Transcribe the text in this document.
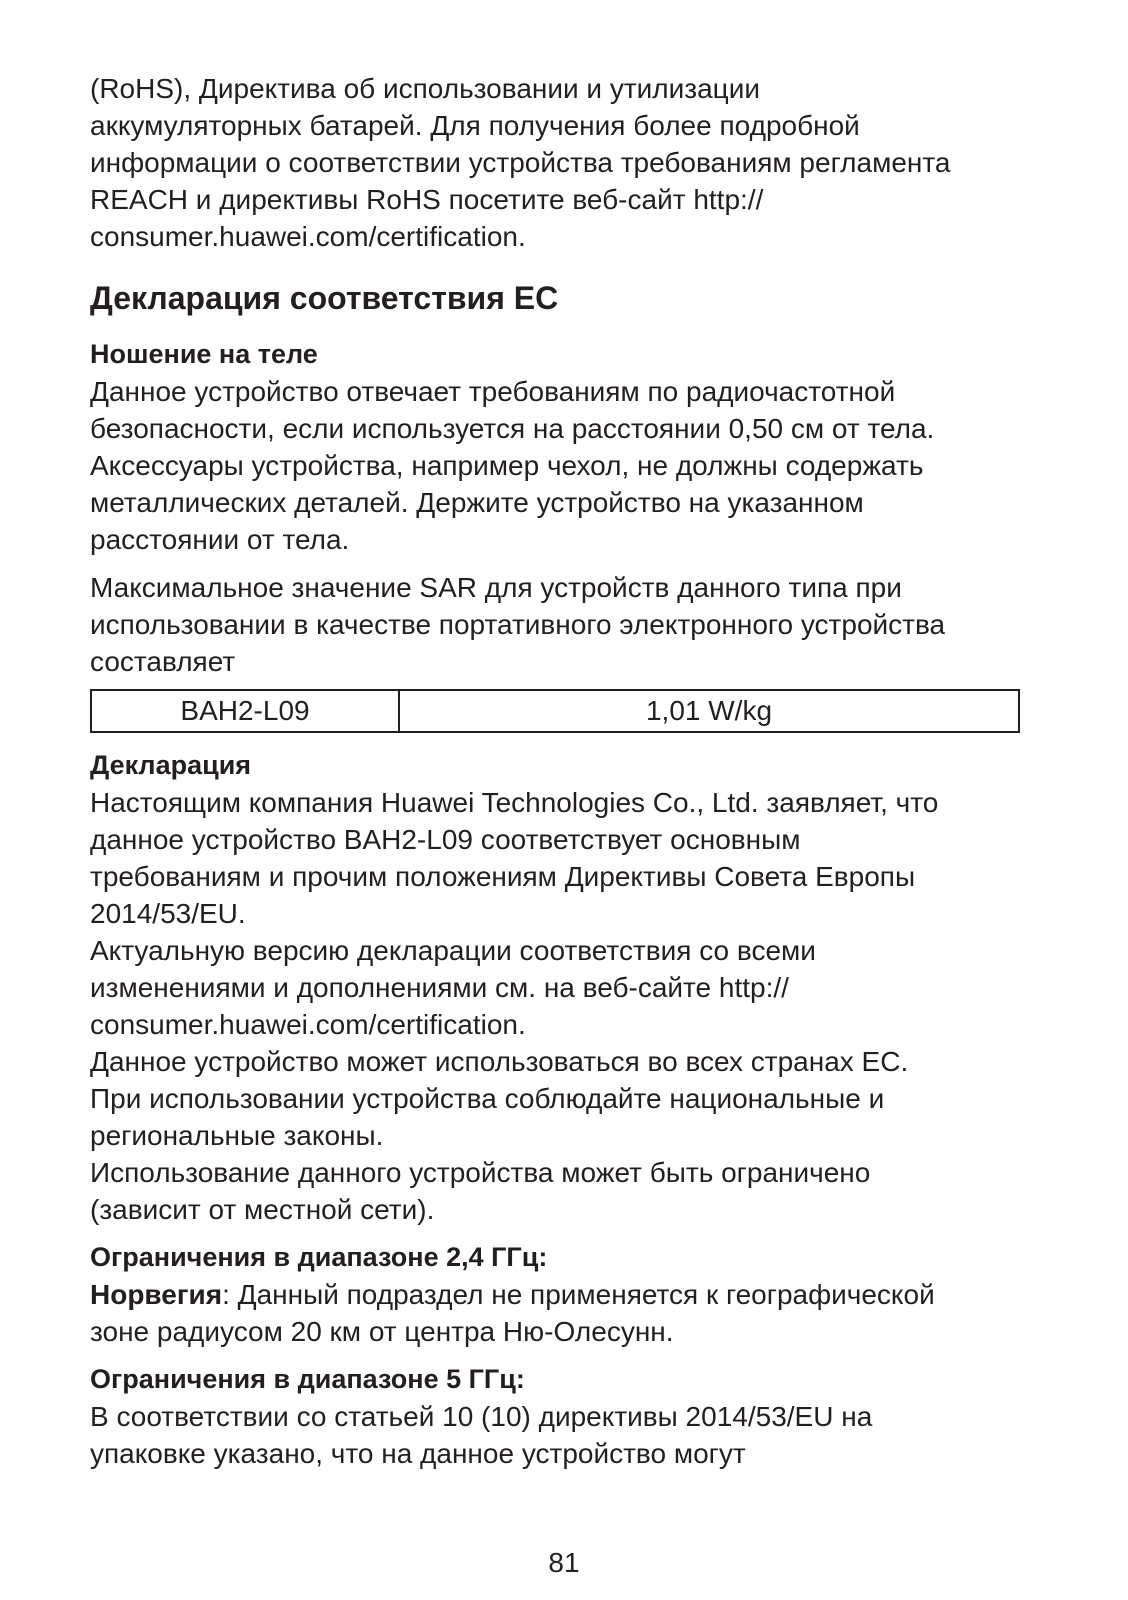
(RoHS), Директива об использовании и утилизации

аккумуляторных батарей. Для получения более подробной

информации о соответствии устройства требованиям регламента

REACH и директивы RoHS посетите веб-сайт http://

consumer.huawei.com/certification.

Декларация соответствия ЕС

Ношение на теле

Данное устройство отвечает требованиям по радиочастотной

безопасности, если используется на расстоянии 0,50 см от тела.

Аксессуары устройства, например чехол, не должны содержать

металлических деталей. Держите устройство на указанном

расстоянии от тела.

Максимальное значение SAR для устройств данного типа при

использовании в качестве портативного электронного устройства

составляет

BAH2-L09	1,01 W/kg

Декларация

Настоящим компания Huawei Technologies Co., Ltd. заявляет, что

данное устройство BAH2-L09 соответствует основным

требованиям и прочим положениям Директивы Совета Европы

2014/53/EU.

Актуальную версию декларации соответствия со всеми

изменениями и дополнениями см. на веб-сайте http://

consumer.huawei.com/certification.

Данное устройство может использоваться во всех странах ЕС.

При использовании устройства соблюдайте национальные и

региональные законы.

Использование данного устройства может быть ограничено

(зависит от местной сети).

Ограничения в диапазоне 2,4 ГГц:

Норвегия: Данный подраздел не применяется к географической

зоне радиусом 20 км от центра Ню-Олесунн.

Ограничения в диапазоне 5 ГГц:

В соответствии со статьей 10 (10) директивы 2014/53/EU на

упаковке указано, что на данное устройство могут

81
